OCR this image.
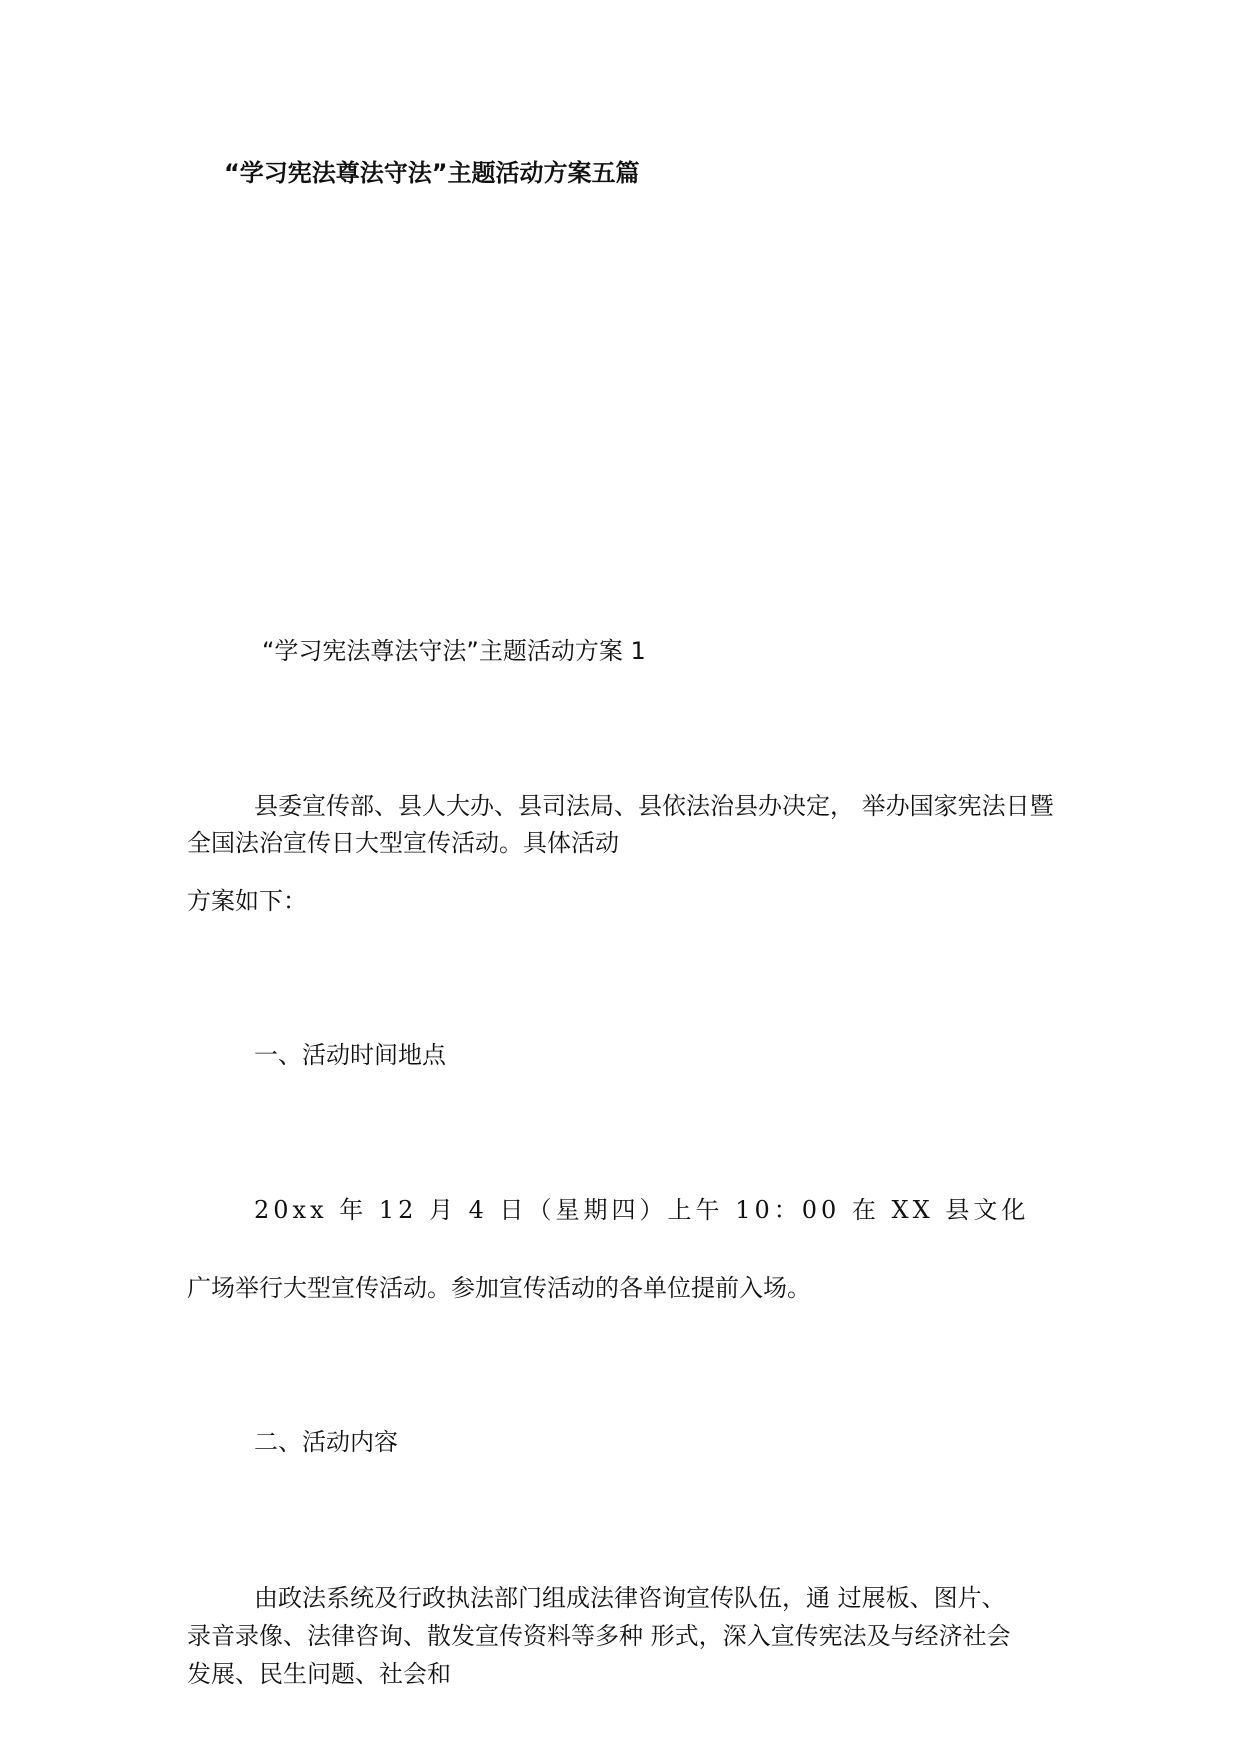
“学习宪法尊法守法”主题活动方案五篇
“学习宪法尊法守法”主题活动方案 1
县委宣传部、县人大办、县司法局、县依法治县办决定， 举办国家宪法日暨
全国法治宣传日大型宣传活动。具体活动
方案如下：
一、活动时间地点
20xx 年 12 月 4 日（星期四）上午 10：00 在 XX 县文化
广场举行大型宣传活动。参加宣传活动的各单位提前入场。
二、活动内容
由政法系统及行政执法部门组成法律咨询宣传队伍，通 过展板、图片、
录音录像、法律咨询、散发宣传资料等多种 形式，深入宣传宪法及与经济社会
发展、民生问题、社会和
